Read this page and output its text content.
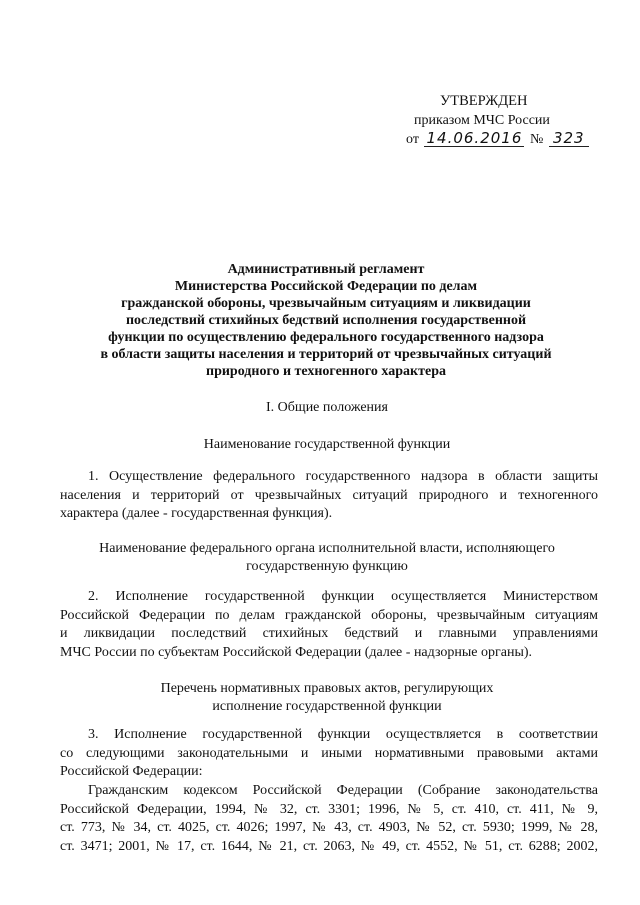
УТВЕРЖДЕН
приказом МЧС России
от 14.06.2016 № 323
Административный регламент
Министерства Российской Федерации по делам
гражданской обороны, чрезвычайным ситуациям и ликвидации
последствий стихийных бедствий исполнения государственной
функции по осуществлению федерального государственного надзора
в области защиты населения и территорий от чрезвычайных ситуаций
природного и техногенного характера
I. Общие положения
Наименование государственной функции
1. Осуществление федерального государственного надзора в области защиты
населения и территорий от чрезвычайных ситуаций природного и техногенного
характера (далее - государственная функция).
Наименование федерального органа исполнительной власти, исполняющего
государственную функцию
2. Исполнение государственной функции осуществляется Министерством
Российской Федерации по делам гражданской обороны, чрезвычайным ситуациям
и ликвидации последствий стихийных бедствий и главными управлениями
МЧС России по субъектам Российской Федерации (далее - надзорные органы).
Перечень нормативных правовых актов, регулирующих
исполнение государственной функции
3. Исполнение государственной функции осуществляется в соответствии
со следующими законодательными и иными нормативными правовыми актами
Российской Федерации:
Гражданским кодексом Российской Федерации (Собрание законодательства
Российской Федерации, 1994, № 32, ст. 3301; 1996, № 5, ст. 410, ст. 411, № 9,
ст. 773, № 34, ст. 4025, ст. 4026; 1997, № 43, ст. 4903, № 52, ст. 5930; 1999, № 28,
ст. 3471; 2001, № 17, ст. 1644, № 21, ст. 2063, № 49, ст. 4552, № 51, ст. 6288; 2002,
